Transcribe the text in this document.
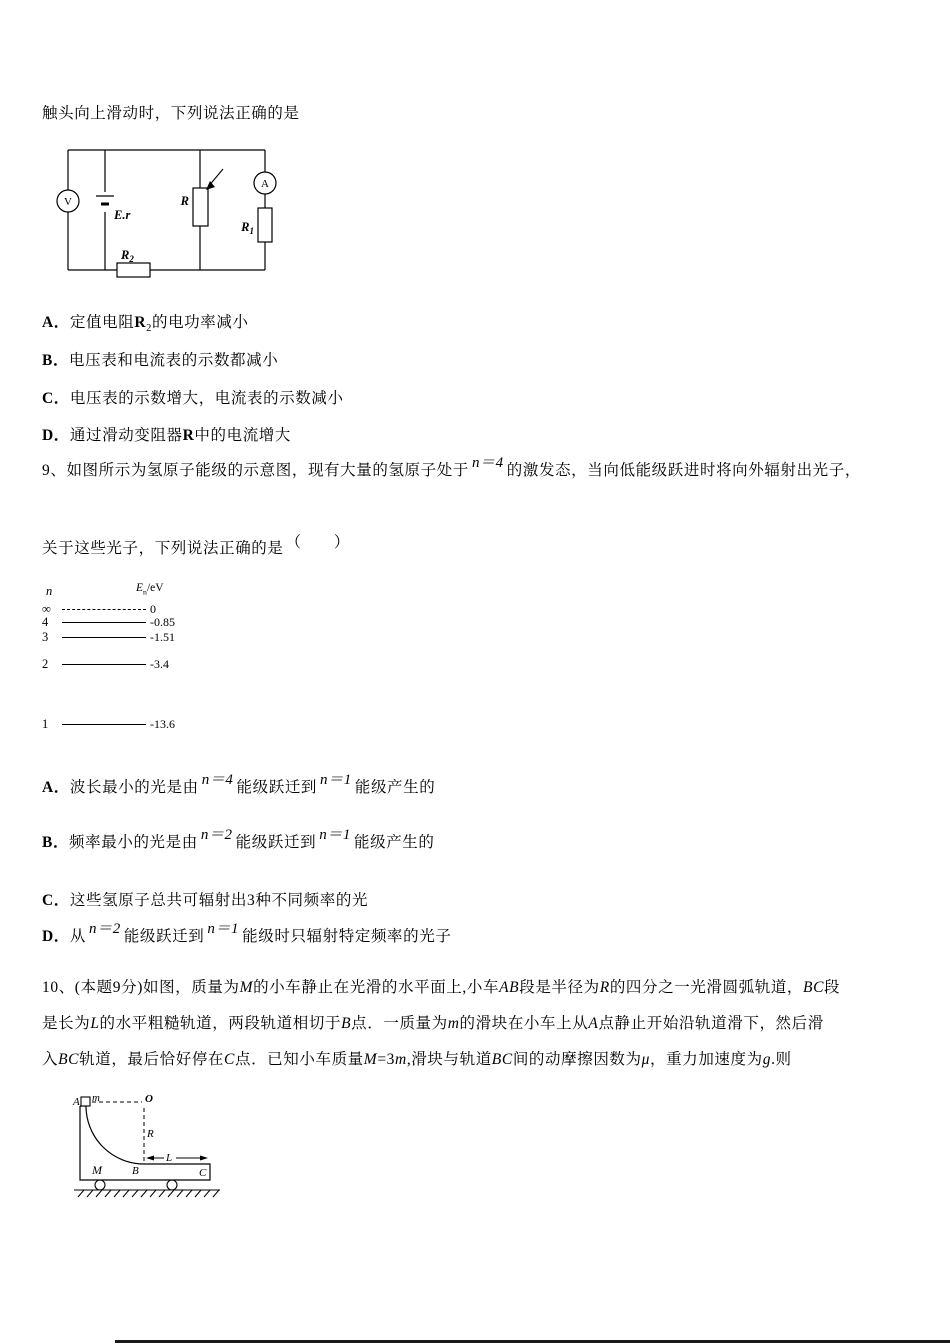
触头向上滑动时，下列说法正确的是
V
E.r
R
A
$R_1$
$R_2$
A．定值电阻$R_2$的电功率减小
B．电压表和电流表的示数都减小
C．电压表的示数增大，电流表的示数减小
D．通过滑动变阻器R中的电流增大
9、如图所示为氢原子能级的示意图，现有大量的氢原子处于 n＝4 的激发态，当向低能级跃进时将向外辐射出光子，
关于这些光子，下列说法正确的是 （　　）
n	$E_n/eV$
∞	0
4	-0.85
3	-1.51
2	-3.4
1	-13.6
A．波长最小的光是由 n＝4 能级跃迁到 n＝1 能级产生的
B．频率最小的光是由 n＝2 能级跃迁到 n＝1 能级产生的
C．这些氢原子总共可辐射出3种不同频率的光
D．从 n＝2 能级跃迁到 n＝1 能级时只辐射特定频率的光子
10、(本题9分)如图，质量为M的小车静止在光滑的水平面上,小车AB段是半径为R的四分之一光滑圆弧轨道，BC段
是长为L的水平粗糙轨道，两段轨道相切于B点．一质量为m的滑块在小车上从A点静止开始沿轨道滑下，然后滑
入BC轨道，最后恰好停在C点．已知小车质量M=3m,滑块与轨道BC间的动摩擦因数为μ，重力加速度为g.则
A m	O
R
M	B
L
C
